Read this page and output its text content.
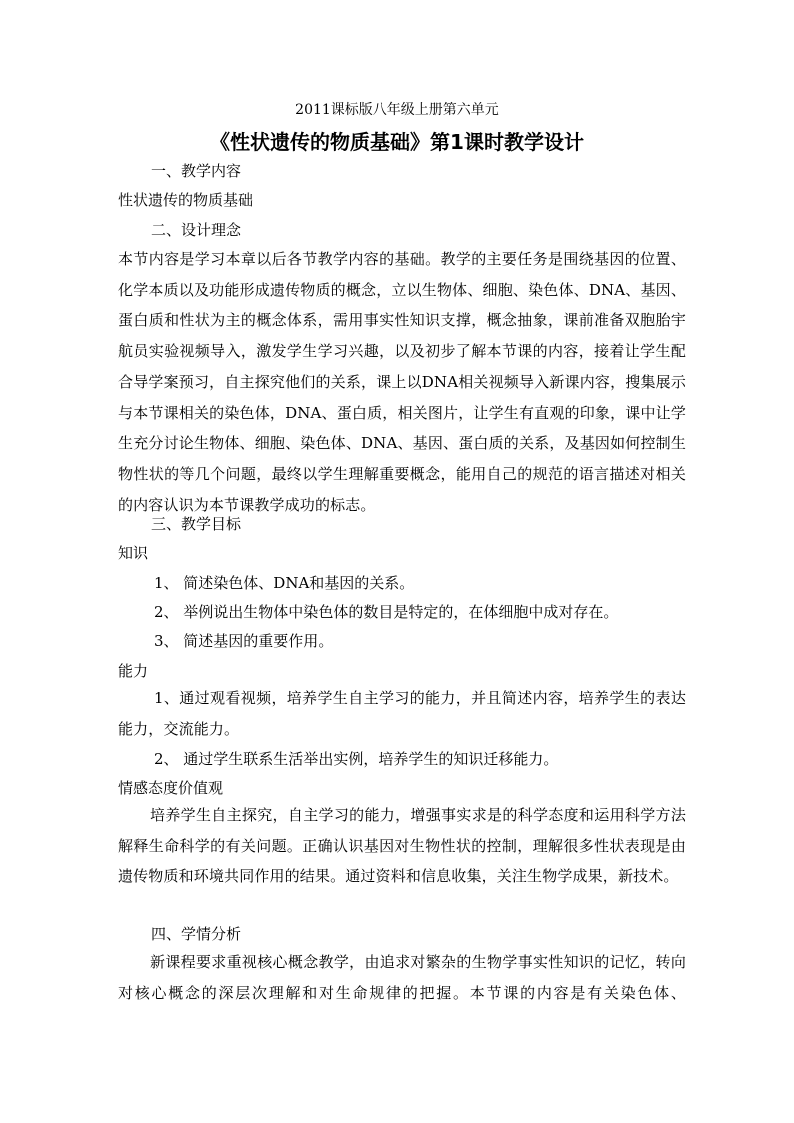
2011课标版八年级上册第六单元
《性状遗传的物质基础》第1课时教学设计
一、教学内容
性状遗传的物质基础
二、设计理念
本节内容是学习本章以后各节教学内容的基础。教学的主要任务是围绕基因的位置、化学本质以及功能形成遗传物质的概念，立以生物体、细胞、染色体、DNA、基因、蛋白质和性状为主的概念体系，需用事实性知识支撑，概念抽象，课前准备双胞胎宇航员实验视频导入，激发学生学习兴趣，以及初步了解本节课的内容，接着让学生配合导学案预习，自主探究他们的关系，课上以DNA相关视频导入新课内容，搜集展示与本节课相关的染色体，DNA、蛋白质，相关图片，让学生有直观的印象，课中让学生充分讨论生物体、细胞、染色体、DNA、基因、蛋白质的关系，及基因如何控制生物性状的等几个问题，最终以学生理解重要概念，能用自己的规范的语言描述对相关的内容认识为本节课教学成功的标志。
三、教学目标
知识
1、 简述染色体、DNA和基因的关系。
2、 举例说出生物体中染色体的数目是特定的，在体细胞中成对存在。
3、 简述基因的重要作用。
能力
1、通过观看视频，培养学生自主学习的能力，并且简述内容，培养学生的表达能力，交流能力。
2、 通过学生联系生活举出实例，培养学生的知识迁移能力。
情感态度价值观
培养学生自主探究，自主学习的能力，增强事实求是的科学态度和运用科学方法解释生命科学的有关问题。正确认识基因对生物性状的控制，理解很多性状表现是由遗传物质和环境共同作用的结果。通过资料和信息收集，关注生物学成果，新技术。
四、学情分析
新课程要求重视核心概念教学，由追求对繁杂的生物学事实性知识的记忆，转向对核心概念的深层次理解和对生命规律的把握。本节课的内容是有关染色体、
